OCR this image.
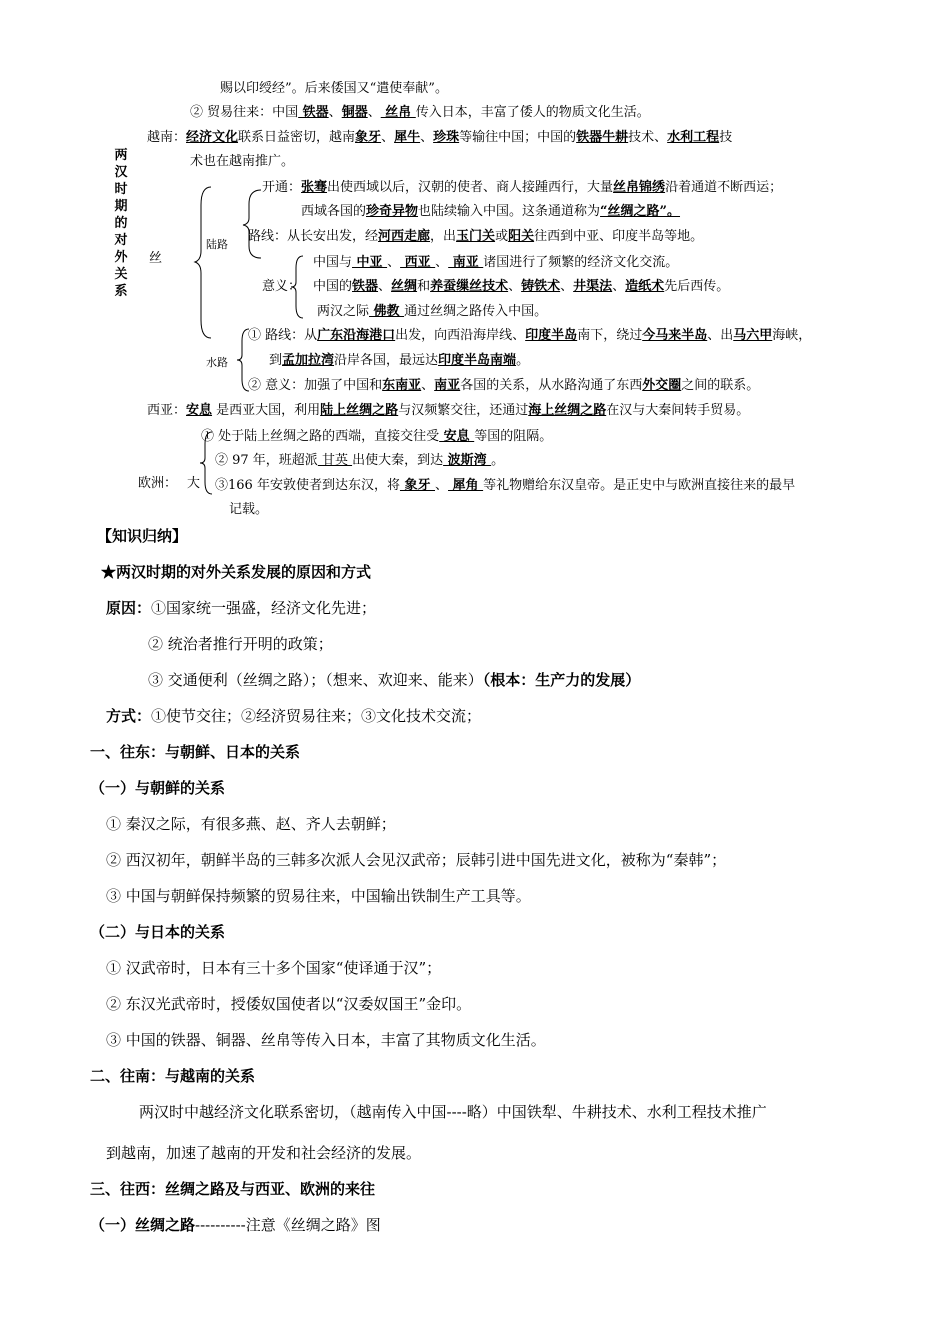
赐以印绶经”。后来倭国又“遣使奉献”。
② 贸易往来：中国 铁器、铜器、 丝帛 传入日本，丰富了倭人的物质文化生活。
越南：经济文化联系日益密切，越南象牙、犀牛、珍珠等输往中国；中国的铁器牛耕技术、水利工程技
术也在越南推广。
两
汉
时
期
的
对
外
关
系
丝
陆路
开通：张骞出使西域以后，汉朝的使者、商人接踵西行，大量丝帛锦绣沿着通道不断西运；
西域各国的珍奇异物也陆续输入中国。这条通道称为“丝绸之路”。
路线：从长安出发，经河西走廊，出玉门关或阳关往西到中亚、印度半岛等地。
意义：
中国与 中亚 、 西亚 、 南亚 诸国进行了频繁的经济文化交流。
中国的铁器、丝绸和养蚕缫丝技术、铸铁术、井渠法、造纸术先后西传。
两汉之际 佛教 通过丝绸之路传入中国。
水路
① 路线：从广东沿海港口出发，向西沿海岸线、印度半岛南下，绕过今马来半岛、出马六甲海峡，
到孟加拉湾沿岸各国，最远达印度半岛南端。
② 意义：加强了中国和东南亚、南亚各国的关系，从水路沟通了东西外交圈之间的联系。
西亚：安息 是西亚大国，利用陆上丝绸之路与汉频繁交往，还通过海上丝绸之路在汉与大秦间转手贸易。
欧洲： 大
① 处于陆上丝绸之路的西端，直接交往受 安息 等国的阻隔。
② 97 年，班超派 甘英 出使大秦，到达 波斯湾 。
③166 年安敦使者到达东汉，将 象牙 、 犀角 等礼物赠给东汉皇帝。是正史中与欧洲直接往来的最早
记载。
【知识归纳】
★两汉时期的对外关系发展的原因和方式
原因：①国家统一强盛，经济文化先进；
② 统治者推行开明的政策；
③ 交通便利（丝绸之路）；（想来、欢迎来、能来）（根本：生产力的发展）
方式：①使节交往；②经济贸易往来；③文化技术交流；
一、往东：与朝鲜、日本的关系
（一）与朝鲜的关系
① 秦汉之际，有很多燕、赵、齐人去朝鲜；
② 西汉初年，朝鲜半岛的三韩多次派人会见汉武帝；辰韩引进中国先进文化，被称为“秦韩”；
③ 中国与朝鲜保持频繁的贸易往来，中国输出铁制生产工具等。
（二）与日本的关系
① 汉武帝时，日本有三十多个国家“使译通于汉”；
② 东汉光武帝时，授倭奴国使者以“汉委奴国王”金印。
③ 中国的铁器、铜器、丝帛等传入日本，丰富了其物质文化生活。
二、往南：与越南的关系
两汉时中越经济文化联系密切，（越南传入中国----略）中国铁犁、牛耕技术、水利工程技术推广
到越南，加速了越南的开发和社会经济的发展。
三、往西：丝绸之路及与西亚、欧洲的来往
（一）丝绸之路----------注意《丝绸之路》图
